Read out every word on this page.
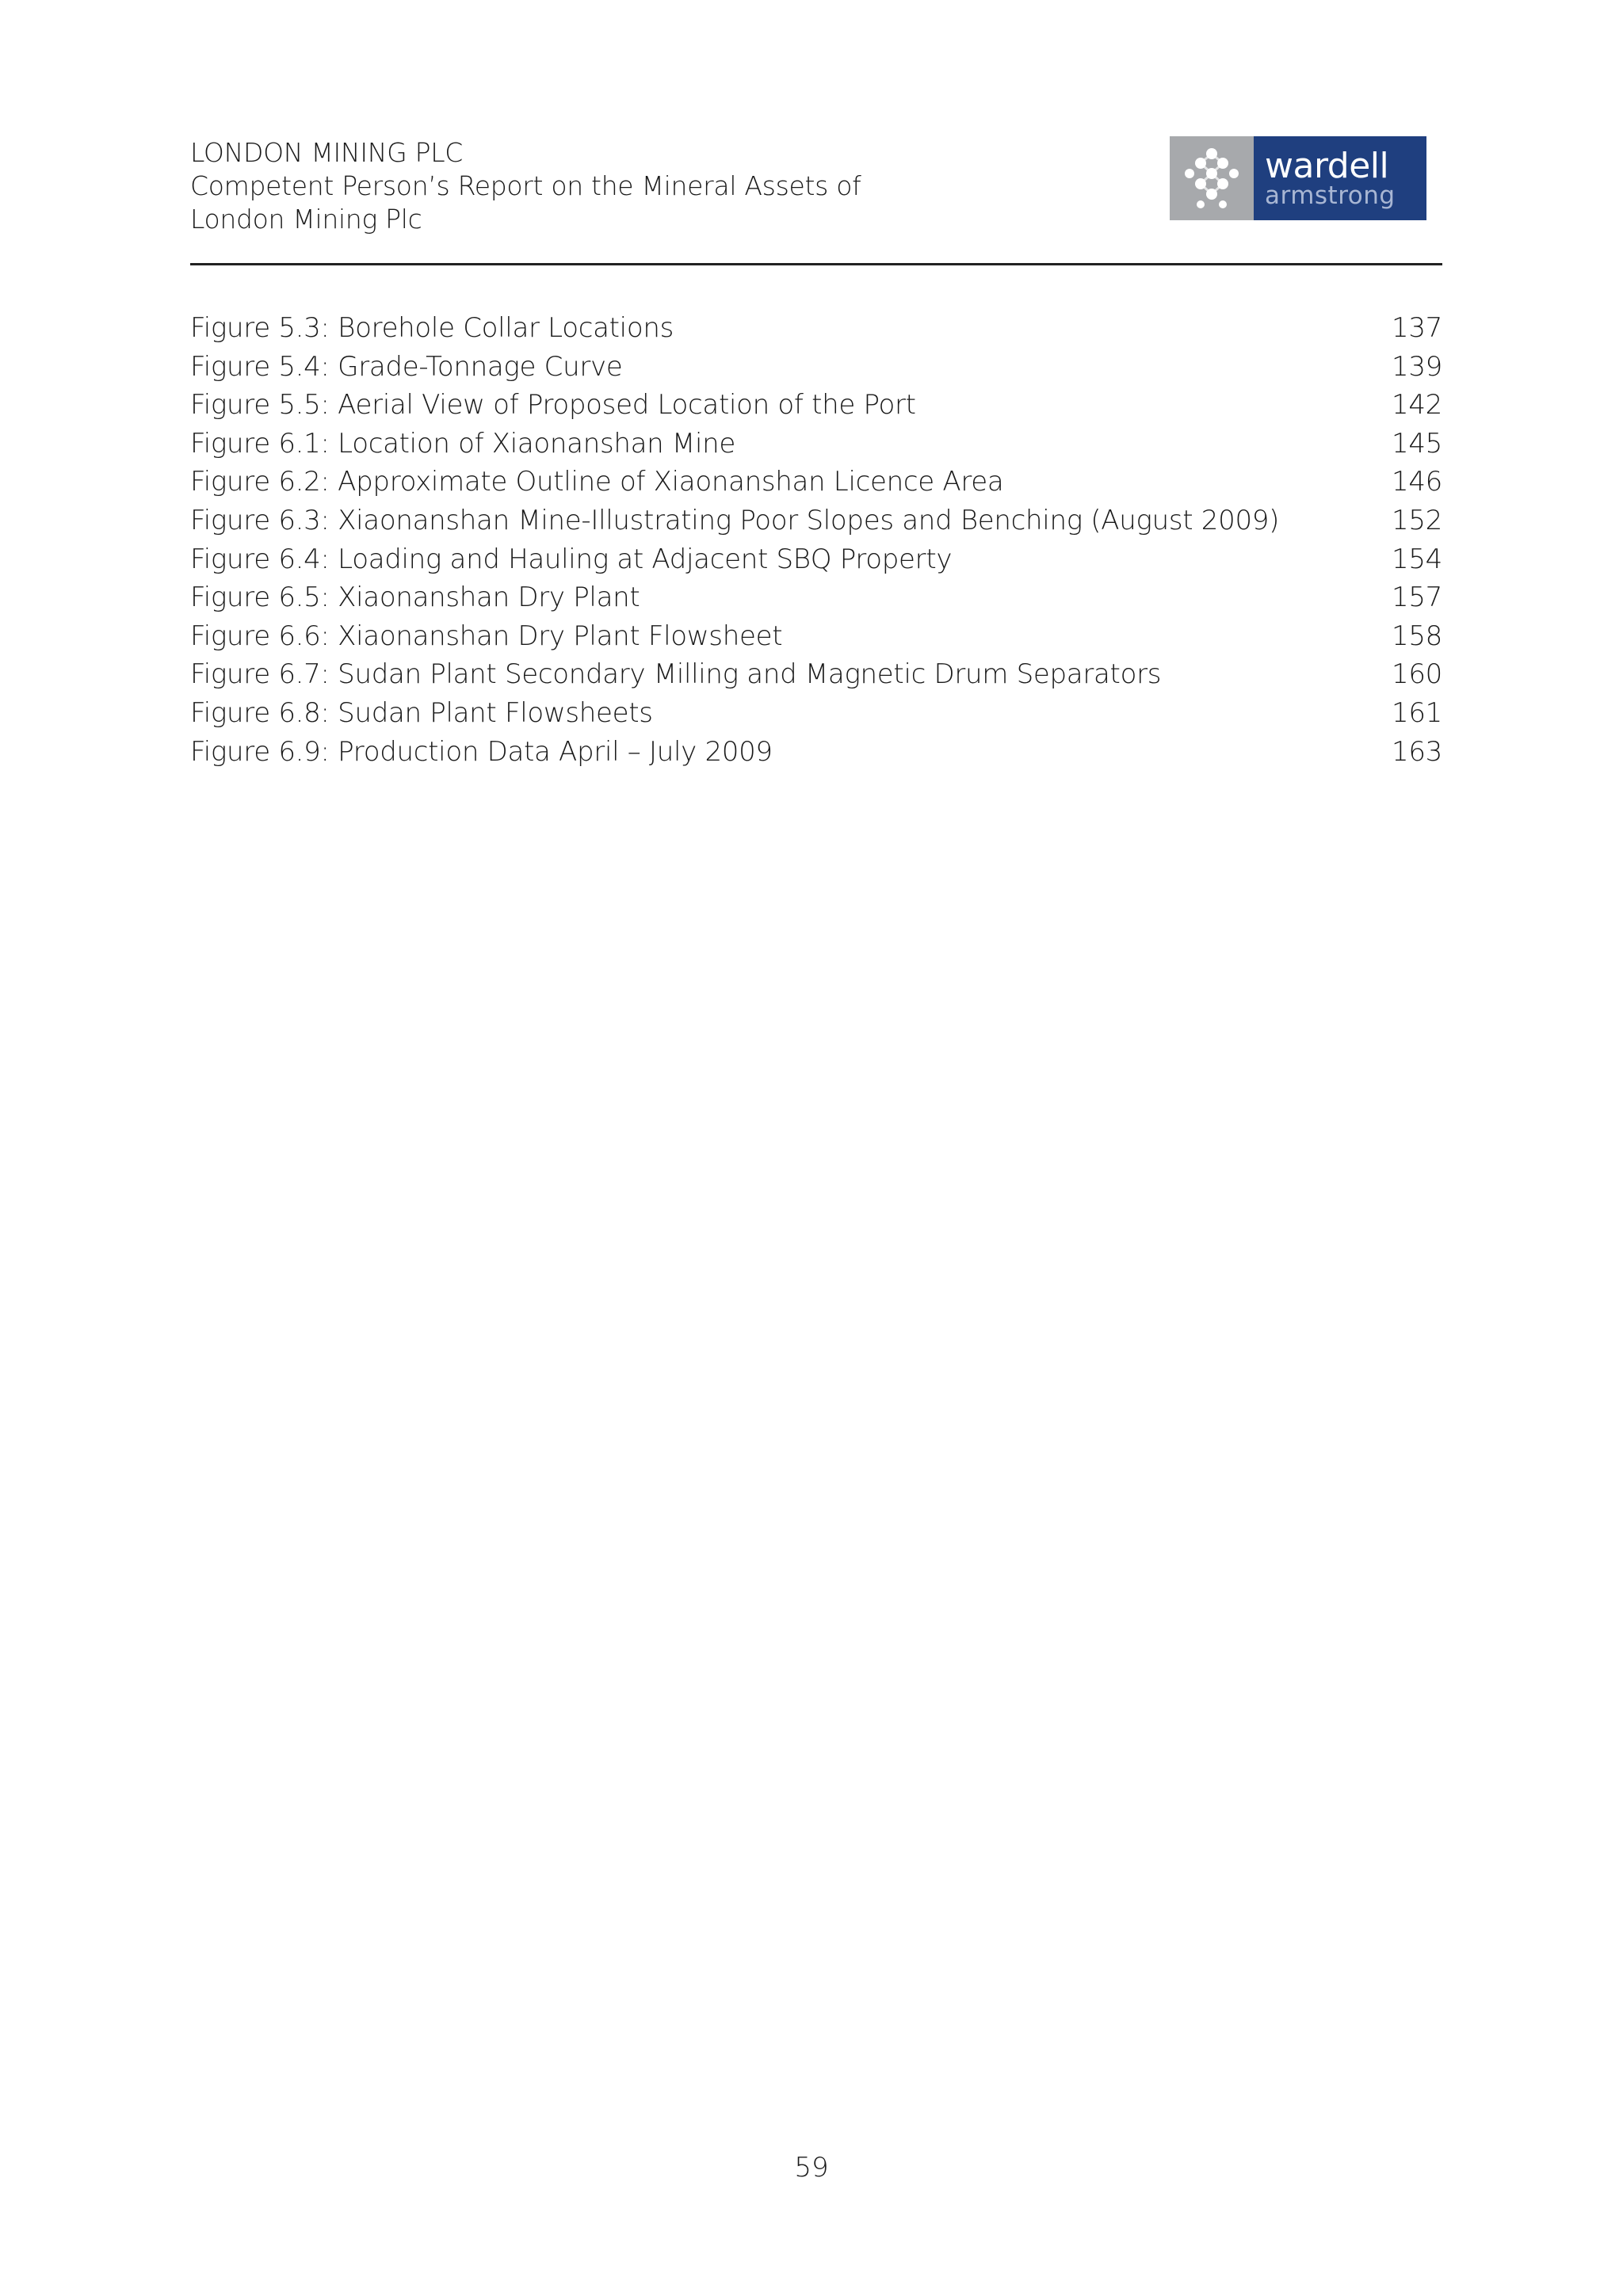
LONDON MINING PLC
Competent Person’s Report on the Mineral Assets of
London Mining Plc
wardell
armstrong
Figure 5.3: Borehole Collar Locations	137
Figure 5.4: Grade-Tonnage Curve	139
Figure 5.5: Aerial View of Proposed Location of the Port	142
Figure 6.1: Location of Xiaonanshan Mine	145
Figure 6.2: Approximate Outline of Xiaonanshan Licence Area	146
Figure 6.3: Xiaonanshan Mine-Illustrating Poor Slopes and Benching (August 2009)	152
Figure 6.4: Loading and Hauling at Adjacent SBQ Property	154
Figure 6.5: Xiaonanshan Dry Plant	157
Figure 6.6: Xiaonanshan Dry Plant Flowsheet	158
Figure 6.7: Sudan Plant Secondary Milling and Magnetic Drum Separators	160
Figure 6.8: Sudan Plant Flowsheets	161
Figure 6.9: Production Data April – July 2009	163
59
